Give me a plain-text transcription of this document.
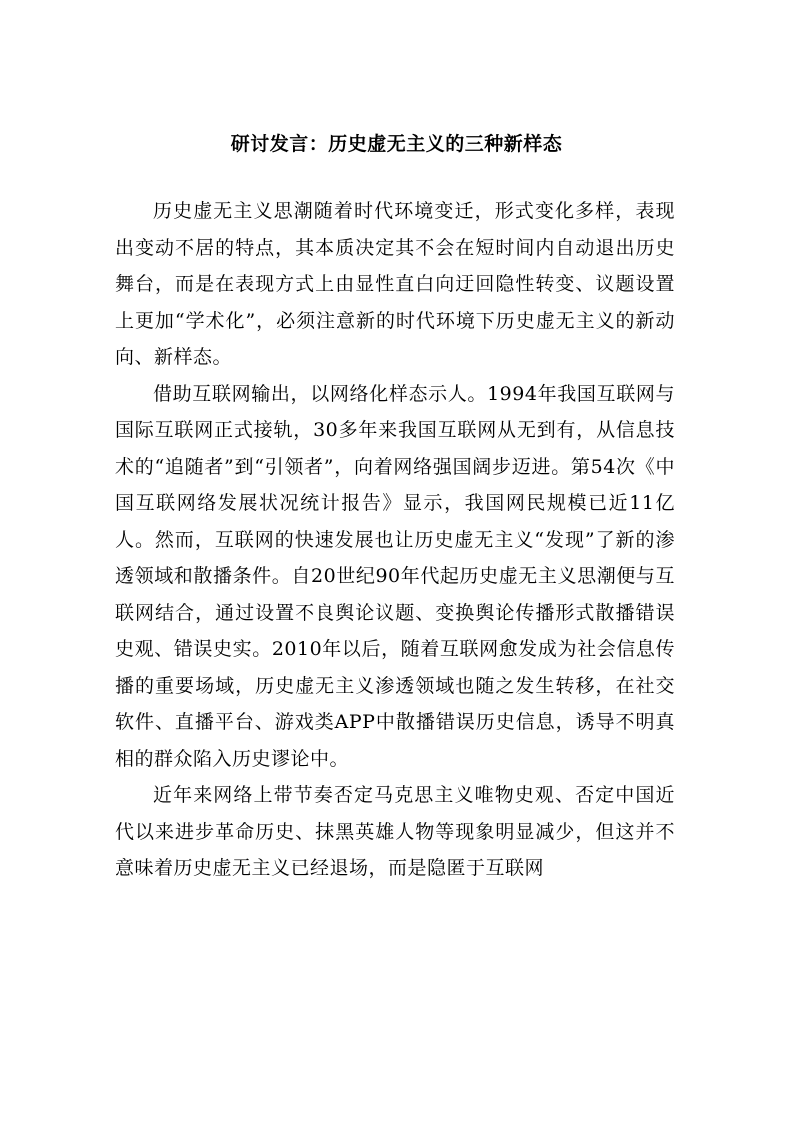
研讨发言：历史虚无主义的三种新样态

历史虚无主义思潮随着时代环境变迁，形式变化多样，表现出变动不居的特点，其本质决定其不会在短时间内自动退出历史舞台，而是在表现方式上由显性直白向迂回隐性转变、议题设置上更加“学术化”，必须注意新的时代环境下历史虚无主义的新动向、新样态。

借助互联网输出，以网络化样态示人。1994年我国互联网与国际互联网正式接轨，30多年来我国互联网从无到有，从信息技术的“追随者”到“引领者”，向着网络强国阔步迈进。第54次《中国互联网络发展状况统计报告》显示，我国网民规模已近11亿人。然而，互联网的快速发展也让历史虚无主义“发现”了新的渗透领域和散播条件。自20世纪90年代起历史虚无主义思潮便与互联网结合，通过设置不良舆论议题、变换舆论传播形式散播错误史观、错误史实。2010年以后，随着互联网愈发成为社会信息传播的重要场域，历史虚无主义渗透领域也随之发生转移，在社交软件、直播平台、游戏类APP中散播错误历史信息，诱导不明真相的群众陷入历史谬论中。

近年来网络上带节奏否定马克思主义唯物史观、否定中国近代以来进步革命历史、抹黑英雄人物等现象明显减少，但这并不意味着历史虚无主义已经退场，而是隐匿于互联网
